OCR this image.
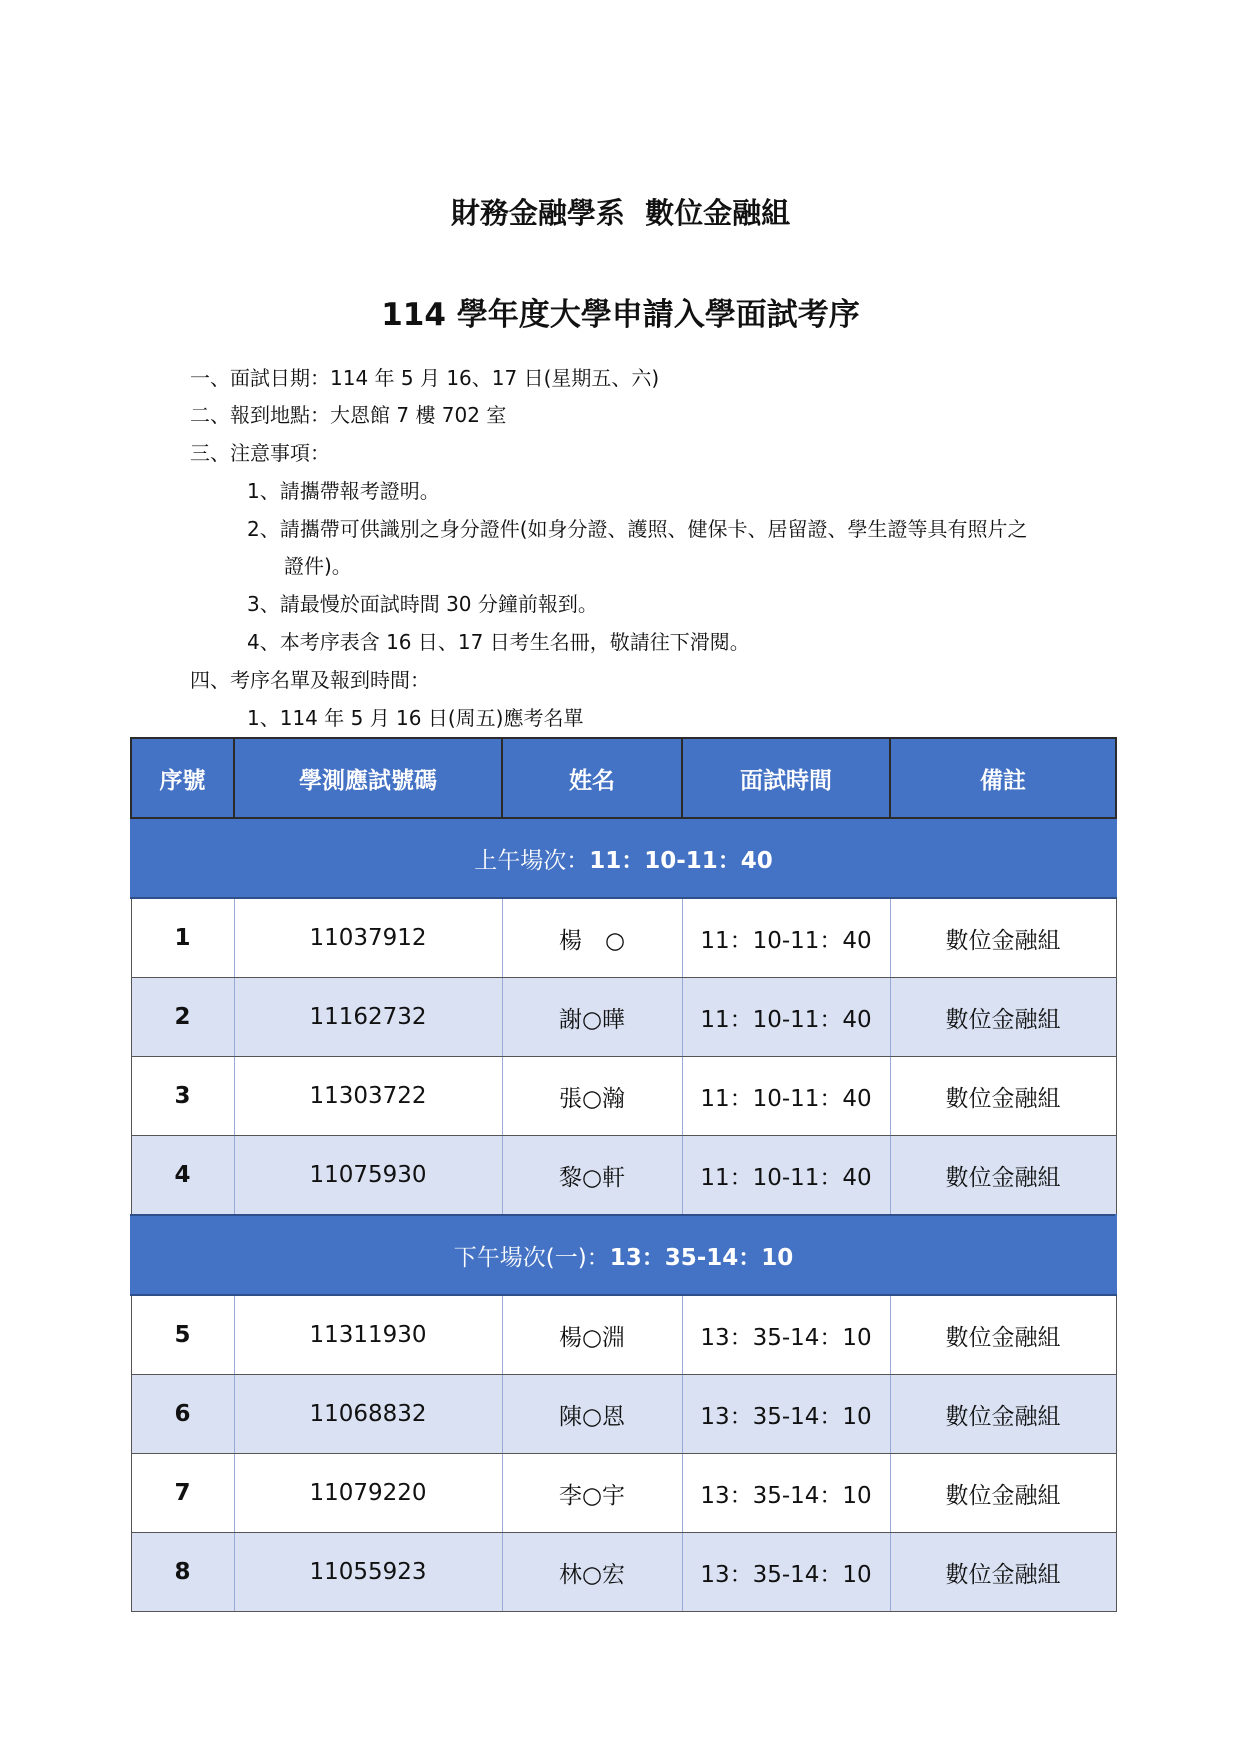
財務金融學系  數位金融組
114 學年度大學申請入學面試考序
一、面試日期：114 年 5 月 16、17 日(星期五、六)
二、報到地點：大恩館 7 樓 702 室
三、注意事項：
1、請攜帶報考證明。
2、請攜帶可供識別之身分證件(如身分證、護照、健保卡、居留證、學生證等具有照片之
證件)。
3、請最慢於面試時間 30 分鐘前報到。
4、本考序表含 16 日、17 日考生名冊，敬請往下滑閱。
四、考序名單及報到時間：
1、114 年 5 月 16 日(周五)應考名單
序號	學測應試號碼	姓名	面試時間	備註
上午場次：11：10-11：40				
1	11037912	楊　○	11：10-11：40	數位金融組
2	11162732	謝○曄	11：10-11：40	數位金融組
3	11303722	張○瀚	11：10-11：40	數位金融組
4	11075930	黎○軒	11：10-11：40	數位金融組
下午場次(一)：13：35-14：10				
5	11311930	楊○淵	13：35-14：10	數位金融組
6	11068832	陳○恩	13：35-14：10	數位金融組
7	11079220	李○宇	13：35-14：10	數位金融組
8	11055923	林○宏	13：35-14：10	數位金融組
